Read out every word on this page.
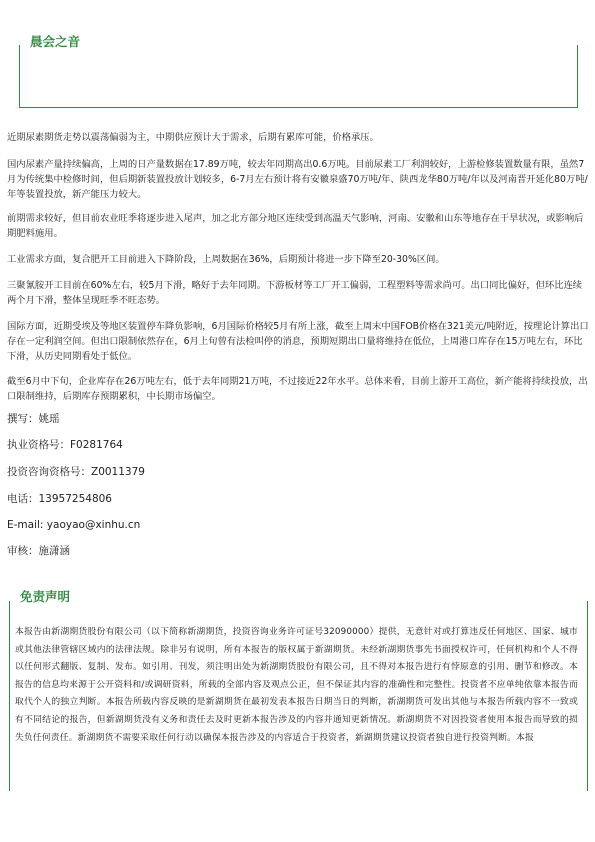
晨会之音

近期尿素期货走势以震荡偏弱为主，中期供应预计大于需求，后期有累库可能，价格承压。

国内尿素产量持续偏高，上周的日产量数据在17.89万吨，较去年同期高出0.6万吨。目前尿素工厂利润较好，上游检修装置数量有限，虽然7月为传统集中检修时间，但后期新装置投放计划较多，6-7月左右预计将有安徽泉盛70万吨/年、陕西龙华80万吨/年以及河南晋开延化80万吨/年等装置投放，新产能压力较大。

前期需求较好，但目前农业旺季将逐步进入尾声，加之北方部分地区连续受到高温天气影响，河南、安徽和山东等地存在干旱状况，或影响后期肥料施用。

工业需求方面，复合肥开工目前进入下降阶段，上周数据在36%，后期预计将进一步下降至20-30%区间。

三聚氰胺开工目前在60%左右，较5月下滑，略好于去年同期。下游板材等工厂开工偏弱，工程塑料等需求尚可。出口同比偏好，但环比连续两个月下滑，整体呈现旺季不旺态势。

国际方面，近期受埃及等地区装置停车降负影响，6月国际价格较5月有所上涨，截至上周末中国FOB价格在321美元/吨附近，按理论计算出口存在一定利润空间。但出口限制依然存在，6月上旬曾有法检叫停的消息，预期短期出口量将维持在低位，上周港口库存在15万吨左右，环比下滑，从历史同期看处于低位。

截至6月中下旬，企业库存在26万吨左右，低于去年同期21万吨，不过接近22年水平。总体来看，目前上游开工高位，新产能将持续投放，出口限制维持，后期库存预期累积，中长期市场偏空。

撰写：姚瑶
执业资格号：F0281764
投资咨询资格号：Z0011379
电话：13957254806
E-mail: yaoyao@xinhu.cn
审核：施潇涵
免责声明
本报告由新湖期货股份有限公司（以下简称新湖期货，投资咨询业务许可证号32090000）提供，无意针对或打算违反任何地区、国家、城市或其他法律管辖区域内的法律法规。除非另有说明，所有本报告的版权属于新湖期货。未经新湖期货事先书面授权许可，任何机构和个人不得以任何形式翻版、复制、发布。如引用、刊发，须注明出处为新湖期货股份有限公司，且不得对本报告进行有悖原意的引用、删节和修改。本报告的信息均来源于公开资料和/或调研资料，所载的全部内容及观点公正，但不保证其内容的准确性和完整性。投资者不应单纯依靠本报告而取代个人的独立判断。本报告所载内容反映的是新湖期货在最初发表本报告日期当日的判断，新湖期货可发出其他与本报告所载内容不一致或有不同结论的报告，但新湖期货没有义务和责任去及时更新本报告涉及的内容并通知更新情况。新湖期货不对因投资者使用本报告而导致的损失负任何责任。新湖期货不需要采取任何行动以确保本报告涉及的内容适合于投资者，新湖期货建议投资者独自进行投资判断。本报
